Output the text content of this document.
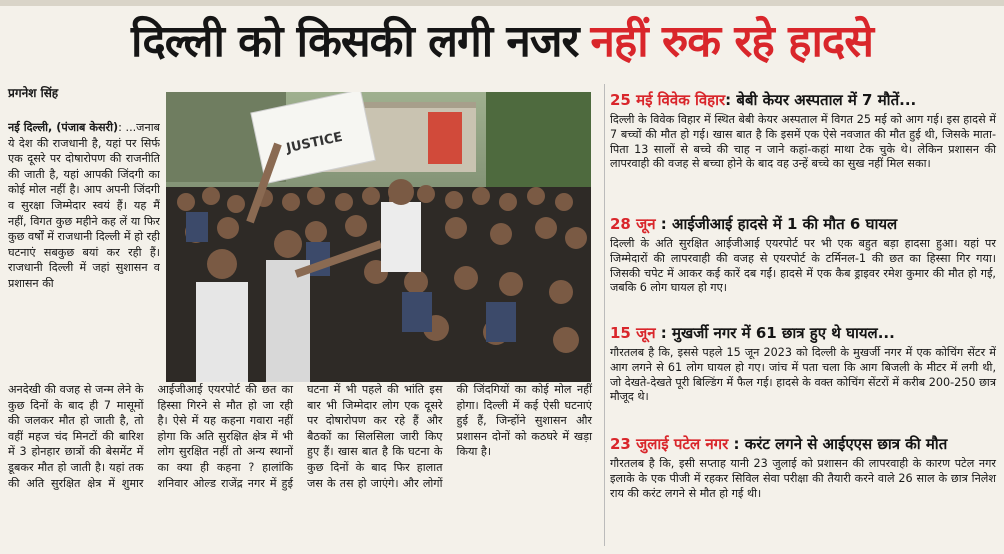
दिल्ली को किसकी लगी नजर नहीं रुक रहे हादसे
प्रगनेश सिंह

नई दिल्ली, (पंजाब केसरी): ...जनाब ये देश की राजधानी है, यहां पर सिर्फ एक दूसरे पर दोषारोपण की राजनीति की जाती है, यहां आपकी जिंदगी का कोई मोल नहीं है। आप अपनी जिंदगी व सुरक्षा जिम्मेदार स्वयं हैं। यह मैं नहीं, विगत कुछ महीने कह लें या फिर कुछ वर्षों में राजधानी दिल्ली में हो रही घटनाएं सबकुछ बयां कर रही हैं। राजधानी दिल्ली में जहां सुशासन व प्रशासन की

JUSTICE

अनदेखी की वजह से जन्म लेने के कुछ दिनों के बाद ही 7 मासूमों की जलकर मौत हो जाती है, तो वहीं महज चंद मिनटों की बारिश में 3 होनहार छात्रों की बेसमेंट में डूबकर मौत हो जाती है। यहां तक की अति सुरक्षित क्षेत्र में शुमार आईजीआई एयरपोर्ट की छत का हिस्सा गिरने से मौत हो जा रही है। ऐसे में यह कहना गवारा नहीं होगा कि अति सुरक्षित क्षेत्र में भी लोग सुरक्षित नहीं तो अन्य स्थानों का क्या ही कहना ? हालांकि शनिवार ओल्ड राजेंद्र नगर में हुई घटना में भी पहले की भांति इस बार भी जिम्मेदार लोग एक दूसरे पर दोषारोपण कर रहे हैं और बैठकों का सिलसिला जारी किए हुए हैं। खास बात है कि घटना के कुछ दिनों के बाद फिर हालात जस के तस हो जाएंगे। और लोगों की जिंदगियों का कोई मोल नहीं होगा। दिल्ली में कई ऐसी घटनाएं हुई हैं, जिन्होंने सुशासन और प्रशासन दोनों को कठघरे में खड़ा किया है।

25 मई विवेक विहार: बेबी केयर अस्पताल में 7 मौतें...

दिल्ली के विवेक विहार में स्थित बेबी केयर अस्पताल में विगत 25 मई को आग गई। इस हादसे में 7 बच्चों की मौत हो गई। खास बात है कि इसमें एक ऐसे नवजात की मौत हुई थी, जिसके माता-पिता 13 सालों से बच्चे की चाह न जाने कहां-कहां माथा टेक चुके थे। लेकिन प्रशासन की लापरवाही की वजह से बच्चा होने के बाद वह उन्हें बच्चे का सुख नहीं मिल सका।

28 जून : आईजीआई हादसे में 1 की मौत 6 घायल

दिल्ली के अति सुरक्षित आईजीआई एयरपोर्ट पर भी एक बहुत बड़ा हादसा हुआ। यहां पर जिम्मेदारों की लापरवाही की वजह से एयरपोर्ट के टर्मिनल-1 की छत का हिस्सा गिर गया। जिसकी चपेट में आकर कई कारें दब गईं। हादसे में एक कैब ड्राइवर रमेश कुमार की मौत हो गई, जबकि 6 लोग घायल हो गए।

15 जून : मुखर्जी नगर में 61 छात्र हुए थे घायल...

गौरतलब है कि, इससे पहले 15 जून 2023 को दिल्ली के मुखर्जी नगर में एक कोचिंग सेंटर में आग लगने से 61 लोग घायल हो गए। जांच में पता चला कि आग बिजली के मीटर में लगी थी, जो देखते-देखते पूरी बिल्डिंग में फैल गई। हादसे के वक्त कोचिंग सेंटरों में करीब 200-250 छात्र मौजूद थे।

23 जुलाई पटेल नगर : करंट लगने से आईएएस छात्र की मौत

गौरतलब है कि, इसी सप्ताह यानी 23 जुलाई को प्रशासन की लापरवाही के कारण पटेल नगर इलाके के एक पीजी में रहकर सिविल सेवा परीक्षा की तैयारी करने वाले 26 साल के छात्र निलेश राय की करंट लगने से मौत हो गई थी।
